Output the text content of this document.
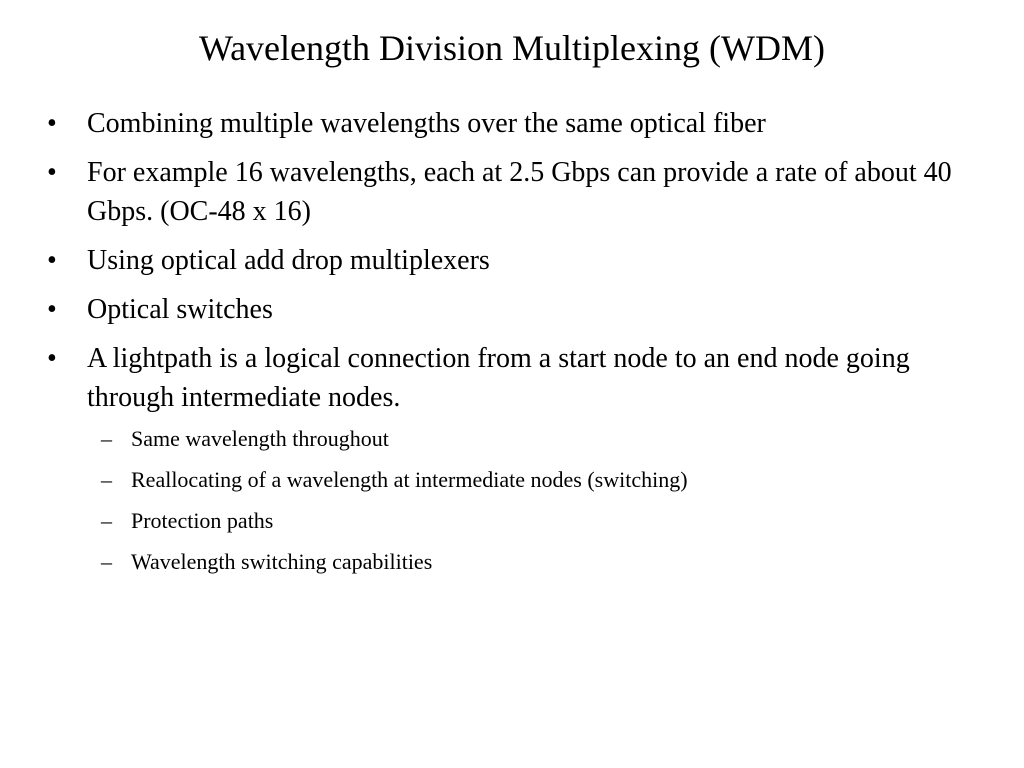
Wavelength Division Multiplexing (WDM)
• Combining multiple wavelengths over the same optical fiber
• For example 16 wavelengths, each at 2.5 Gbps can provide a rate of about 40 Gbps. (OC-48 x 16)
• Using optical add drop multiplexers
• Optical switches
• A lightpath is a logical connection from a start node to an end node going through intermediate nodes.
– Same wavelength throughout
– Reallocating of a wavelength at intermediate nodes (switching)
– Protection paths
– Wavelength switching capabilities
